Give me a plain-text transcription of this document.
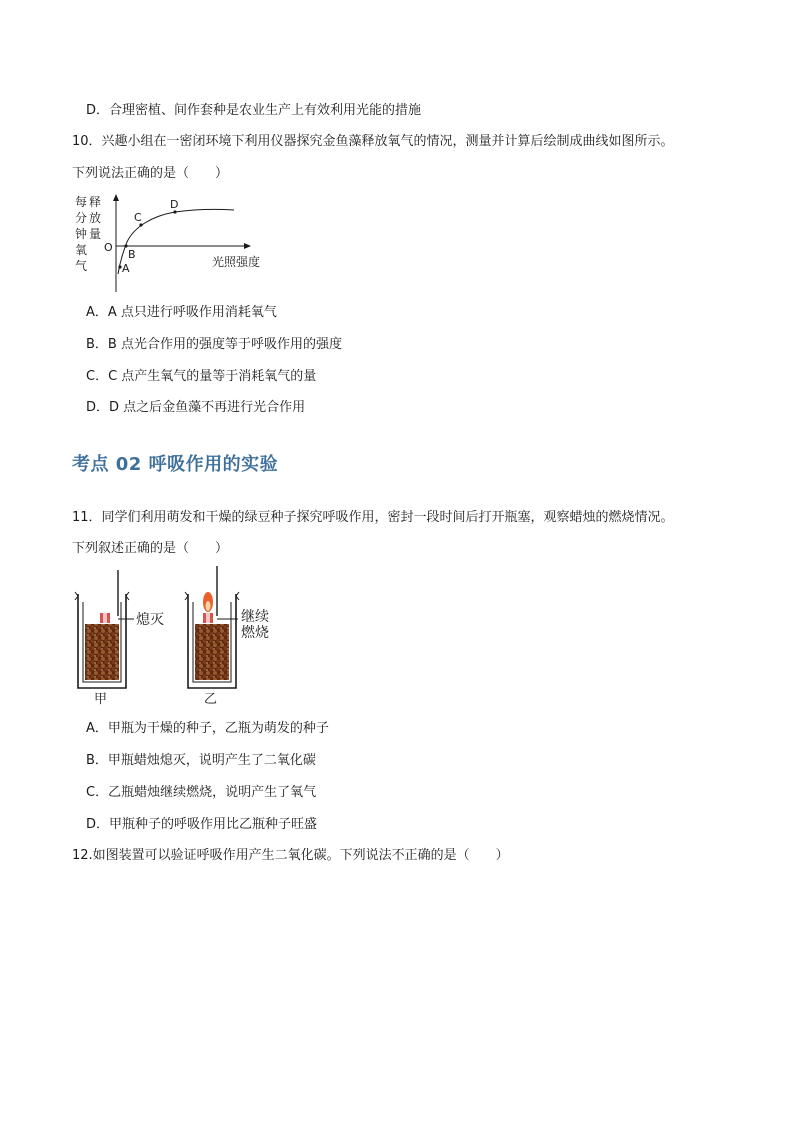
D．合理密植、间作套种是农业生产上有效利用光能的措施
10．兴趣小组在一密闭环境下利用仪器探究金鱼藻释放氧气的情况，测量并计算后绘制成曲线如图所示。
下列说法正确的是（　　）
每
分
钟
氧
气
释
放
量
O
A
B
C
D
光照强度
A．A 点只进行呼吸作用消耗氧气
B．B 点光合作用的强度等于呼吸作用的强度
C．C 点产生氧气的量等于消耗氧气的量
D．D 点之后金鱼藻不再进行光合作用
考点 02 呼吸作用的实验
11．同学们利用萌发和干燥的绿豆种子探究呼吸作用，密封一段时间后打开瓶塞，观察蜡烛的燃烧情况。
下列叙述正确的是（　　）
熄灭
甲
继续
燃烧
乙
A．甲瓶为干燥的种子，乙瓶为萌发的种子
B．甲瓶蜡烛熄灭，说明产生了二氧化碳
C．乙瓶蜡烛继续燃烧，说明产生了氧气
D．甲瓶种子的呼吸作用比乙瓶种子旺盛
12.如图装置可以验证呼吸作用产生二氧化碳。下列说法不正确的是（　　）
